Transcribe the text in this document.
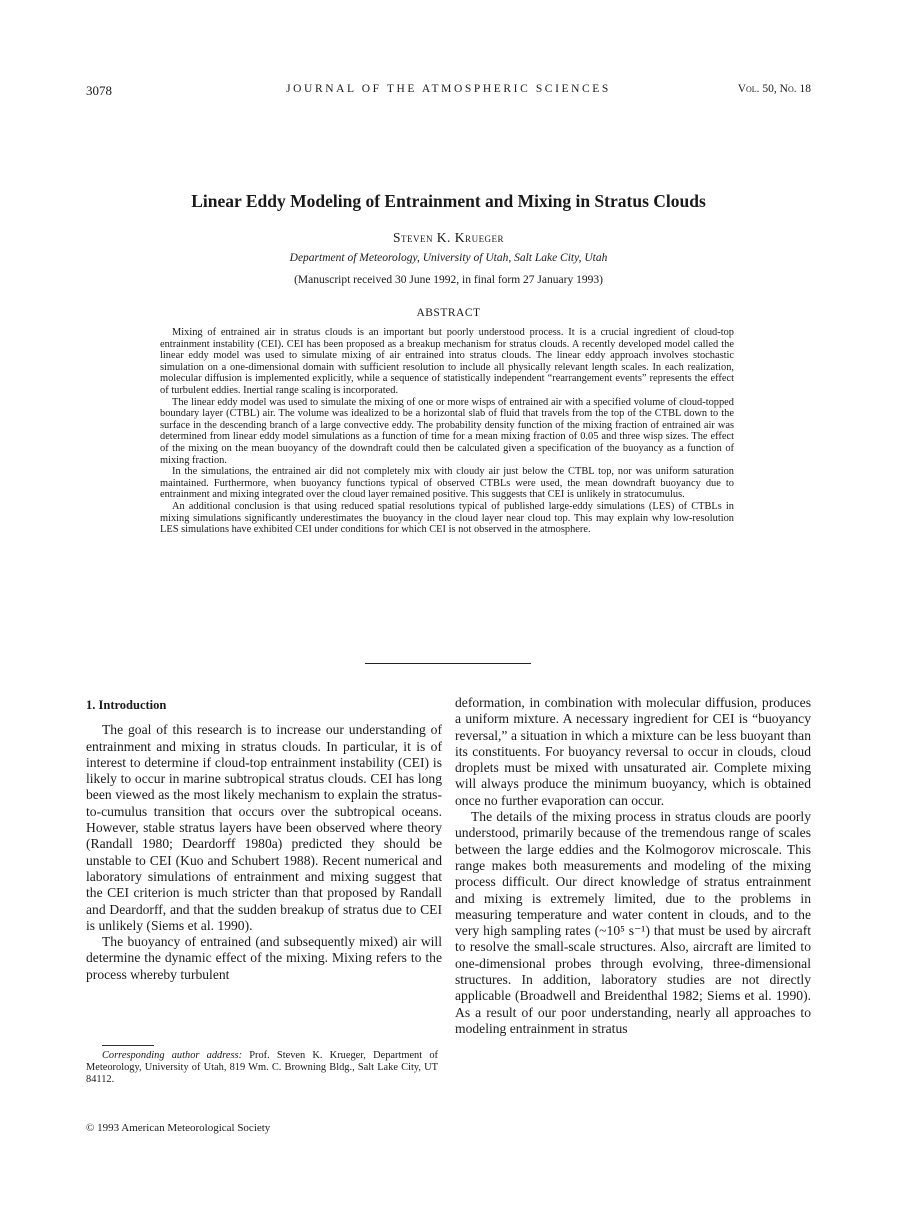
3078	JOURNAL OF THE ATMOSPHERIC SCIENCES	Vol. 50, No. 18
Linear Eddy Modeling of Entrainment and Mixing in Stratus Clouds
Steven K. Krueger
Department of Meteorology, University of Utah, Salt Lake City, Utah
(Manuscript received 30 June 1992, in final form 27 January 1993)
ABSTRACT

Mixing of entrained air in stratus clouds is an important but poorly understood process. It is a crucial ingredient of cloud-top entrainment instability (CEI). CEI has been proposed as a breakup mechanism for stratus clouds. A recently developed model called the linear eddy model was used to simulate mixing of air entrained into stratus clouds. The linear eddy approach involves stochastic simulation on a one-dimensional domain with sufficient resolution to include all physically relevant length scales. In each realization, molecular diffusion is implemented explicitly, while a sequence of statistically independent “rearrangement events” represents the effect of turbulent eddies. Inertial range scaling is incorporated.

The linear eddy model was used to simulate the mixing of one or more wisps of entrained air with a specified volume of cloud-topped boundary layer (CTBL) air. The volume was idealized to be a horizontal slab of fluid that travels from the top of the CTBL down to the surface in the descending branch of a large convective eddy. The probability density function of the mixing fraction of entrained air was determined from linear eddy model simulations as a function of time for a mean mixing fraction of 0.05 and three wisp sizes. The effect of the mixing on the mean buoyancy of the downdraft could then be calculated given a specification of the buoyancy as a function of mixing fraction.

In the simulations, the entrained air did not completely mix with cloudy air just below the CTBL top, nor was uniform saturation maintained. Furthermore, when buoyancy functions typical of observed CTBLs were used, the mean downdraft buoyancy due to entrainment and mixing integrated over the cloud layer remained positive. This suggests that CEI is unlikely in stratocumulus.

An additional conclusion is that using reduced spatial resolutions typical of published large-eddy simulations (LES) of CTBLs in mixing simulations significantly underestimates the buoyancy in the cloud layer near cloud top. This may explain why low-resolution LES simulations have exhibited CEI under conditions for which CEI is not observed in the atmosphere.

1. Introduction

The goal of this research is to increase our understanding of entrainment and mixing in stratus clouds. In particular, it is of interest to determine if cloud-top entrainment instability (CEI) is likely to occur in marine subtropical stratus clouds. CEI has long been viewed as the most likely mechanism to explain the stratus-to-cumulus transition that occurs over the subtropical oceans. However, stable stratus layers have been observed where theory (Randall 1980; Deardorff 1980a) predicted they should be unstable to CEI (Kuo and Schubert 1988). Recent numerical and laboratory simulations of entrainment and mixing suggest that the CEI criterion is much stricter than that proposed by Randall and Deardorff, and that the sudden breakup of stratus due to CEI is unlikely (Siems et al. 1990).

The buoyancy of entrained (and subsequently mixed) air will determine the dynamic effect of the mixing. Mixing refers to the process whereby turbulent

deformation, in combination with molecular diffusion, produces a uniform mixture. A necessary ingredient for CEI is “buoyancy reversal,” a situation in which a mixture can be less buoyant than its constituents. For buoyancy reversal to occur in clouds, cloud droplets must be mixed with unsaturated air. Complete mixing will always produce the minimum buoyancy, which is obtained once no further evaporation can occur.

The details of the mixing process in stratus clouds are poorly understood, primarily because of the tremendous range of scales between the large eddies and the Kolmogorov microscale. This range makes both measurements and modeling of the mixing process difficult. Our direct knowledge of stratus entrainment and mixing is extremely limited, due to the problems in measuring temperature and water content in clouds, and to the very high sampling rates (~10⁵ s⁻¹) that must be used by aircraft to resolve the small-scale structures. Also, aircraft are limited to one-dimensional probes through evolving, three-dimensional structures. In addition, laboratory studies are not directly applicable (Broadwell and Breidenthal 1982; Siems et al. 1990). As a result of our poor understanding, nearly all approaches to modeling entrainment in stratus

Corresponding author address: Prof. Steven K. Krueger, Department of Meteorology, University of Utah, 819 Wm. C. Browning Bldg., Salt Lake City, UT 84112.
© 1993 American Meteorological Society
